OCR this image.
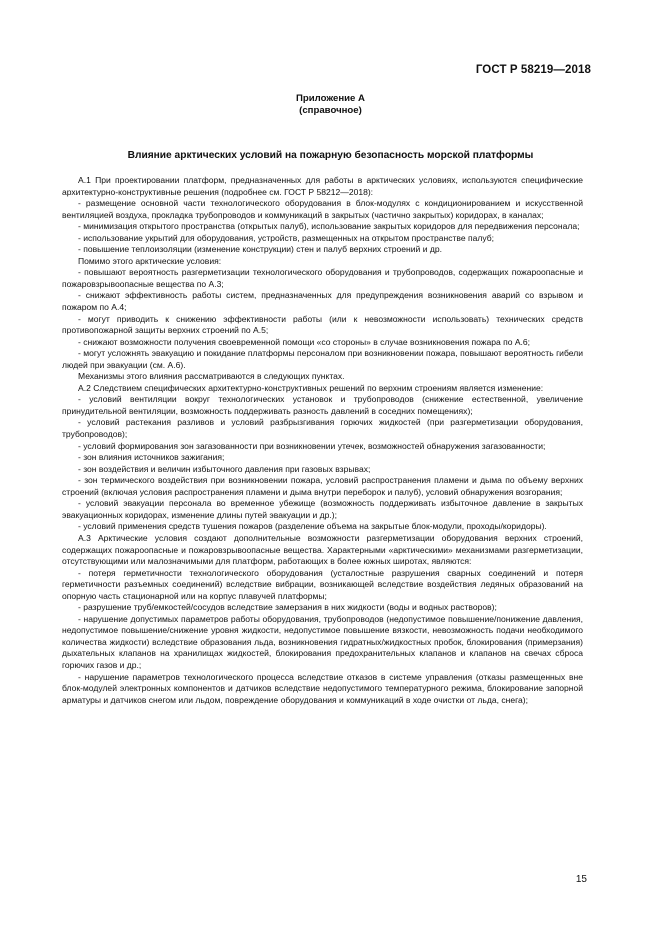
ГОСТ Р 58219—2018
Приложение А
(справочное)
Влияние арктических условий на пожарную безопасность морской платформы

А.1 При проектировании платформ, предназначенных для работы в арктических условиях, используются специфические архитектурно-конструктивные решения (подробнее см. ГОСТ Р 58212—2018):

- размещение основной части технологического оборудования в блок-модулях с кондиционированием и искусственной вентиляцией воздуха, прокладка трубопроводов и коммуникаций в закрытых (частично закрытых) коридорах, в каналах;

- минимизация открытого пространства (открытых палуб), использование закрытых коридоров для передвижения персонала;

- использование укрытий для оборудования, устройств, размещенных на открытом пространстве палуб;

- повышение теплоизоляции (изменение конструкции) стен и палуб верхних строений и др.

Помимо этого арктические условия:

- повышают вероятность разгерметизации технологического оборудования и трубопроводов, содержащих пожароопасные и пожаровзрывоопасные вещества по А.3;

- снижают эффективность работы систем, предназначенных для предупреждения возникновения аварий со взрывом и пожаром по А.4;

- могут приводить к снижению эффективности работы (или к невозможности использовать) технических средств противопожарной защиты верхних строений по А.5;

- снижают возможности получения своевременной помощи «со стороны» в случае возникновения пожара по А.6;

- могут усложнять эвакуацию и покидание платформы персоналом при возникновении пожара, повышают вероятность гибели людей при эвакуации (см. А.6).

Механизмы этого влияния рассматриваются в следующих пунктах.

А.2 Следствием специфических архитектурно-конструктивных решений по верхним строениям является изменение:

- условий вентиляции вокруг технологических установок и трубопроводов (снижение естественной, увеличение принудительной вентиляции, возможность поддерживать разность давлений в соседних помещениях);

- условий растекания разливов и условий разбрызгивания горючих жидкостей (при разгерметизации оборудования, трубопроводов);

- условий формирования зон загазованности при возникновении утечек, возможностей обнаружения загазованности;

- зон влияния источников зажигания;

- зон воздействия и величин избыточного давления при газовых взрывах;

- зон термического воздействия при возникновении пожара, условий распространения пламени и дыма по объему верхних строений (включая условия распространения пламени и дыма внутри переборок и палуб), условий обнаружения возгорания;

- условий эвакуации персонала во временное убежище (возможность поддерживать избыточное давление в закрытых эвакуационных коридорах, изменение длины путей эвакуации и др.);

- условий применения средств тушения пожаров (разделение объема на закрытые блок-модули, проходы/коридоры).

А.3 Арктические условия создают дополнительные возможности разгерметизации оборудования верхних строений, содержащих пожароопасные и пожаровзрывоопасные вещества. Характерными «арктическими» механизмами разгерметизации, отсутствующими или малозначимыми для платформ, работающих в более южных широтах, являются:

- потеря герметичности технологического оборудования (усталостные разрушения сварных соединений и потеря герметичности разъемных соединений) вследствие вибрации, возникающей вследствие воздействия ледяных образований на опорную часть стационарной или на корпус плавучей платформы;

- разрушение труб/емкостей/сосудов вследствие замерзания в них жидкости (воды и водных растворов);

- нарушение допустимых параметров работы оборудования, трубопроводов (недопустимое повышение/понижение давления, недопустимое повышение/снижение уровня жидкости, недопустимое повышение вязкости, невозможность подачи необходимого количества жидкости) вследствие образования льда, возникновения гидратных/жидкостных пробок, блокирования (примерзания) дыхательных клапанов на хранилищах жидкостей, блокирования предохранительных клапанов и клапанов на свечах сброса горючих газов и др.;

- нарушение параметров технологического процесса вследствие отказов в системе управления (отказы размещенных вне блок-модулей электронных компонентов и датчиков вследствие недопустимого температурного режима, блокирование запорной арматуры и датчиков снегом или льдом, повреждение оборудования и коммуникаций в ходе очистки от льда, снега);

15
